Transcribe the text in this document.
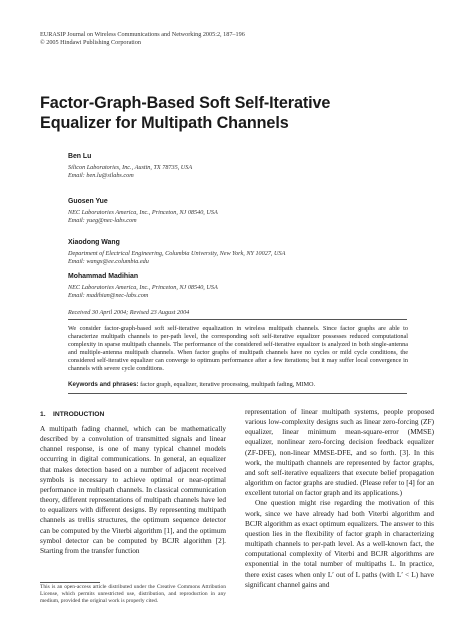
EURASIP Journal on Wireless Communications and Networking 2005:2, 187–196
© 2005 Hindawi Publishing Corporation
Factor-Graph-Based Soft Self-Iterative
Equalizer for Multipath Channels
Ben Lu
Silicon Laboratories, Inc., Austin, TX 78735, USA
Email: ben.lu@silabs.com
Guosen Yue
NEC Laboratories America, Inc., Princeton, NJ 08540, USA
Email: yueg@nec-labs.com
Xiaodong Wang
Department of Electrical Engineering, Columbia University, New York, NY 10027, USA
Email: wangx@ee.columbia.edu
Mohammad Madihian
NEC Laboratories America, Inc., Princeton, NJ 08540, USA
Email: madihian@nec-labs.com
Received 30 April 2004; Revised 23 August 2004
We consider factor-graph-based soft self-iterative equalization in wireless multipath channels. Since factor graphs are able to characterize multipath channels to per-path level, the corresponding soft self-iterative equalizer possesses reduced computational complexity in sparse multipath channels. The performance of the considered self-iterative equalizer is analyzed in both single-antenna and multiple-antenna multipath channels. When factor graphs of multipath channels have no cycles or mild cycle conditions, the considered self-iterative equalizer can converge to optimum performance after a few iterations; but it may suffer local convergence in channels with severe cycle conditions.
Keywords and phrases: factor graph, equalizer, iterative processing, multipath fading, MIMO.
1. INTRODUCTION
A multipath fading channel, which can be mathematically described by a convolution of transmitted signals and linear channel response, is one of many typical channel models occurring in digital communications. In general, an equalizer that makes detection based on a number of adjacent received symbols is necessary to achieve optimal or near-optimal performance in multipath channels. In classical communication theory, different representations of multipath channels have led to equalizers with different designs. By representing multipath channels as trellis structures, the optimum sequence detector can be computed by the Viterbi algorithm [1], and the optimum symbol detector can be computed by BCJR algorithm [2]. Starting from the transfer function
representation of linear multipath systems, people proposed various low-complexity designs such as linear zero-forcing (ZF) equalizer, linear minimum mean-square-error (MMSE) equalizer, nonlinear zero-forcing decision feedback equalizer (ZF-DFE), non-linear MMSE-DFE, and so forth. [3]. In this work, the multipath channels are represented by factor graphs, and soft self-iterative equalizers that execute belief propagation algorithm on factor graphs are studied. (Please refer to [4] for an excellent tutorial on factor graph and its applications.)
One question might rise regarding the motivation of this work, since we have already had both Viterbi algorithm and BCJR algorithm as exact optimum equalizers. The answer to this question lies in the flexibility of factor graph in characterizing multipath channels to per-path level. As a well-known fact, the computational complexity of Viterbi and BCJR algorithms are exponential in the total number of multipaths L. In practice, there exist cases when only L′ out of L paths (with L′ < L) have significant channel gains and
This is an open-access article distributed under the Creative Commons Attribution License, which permits unrestricted use, distribution, and reproduction in any medium, provided the original work is properly cited.
